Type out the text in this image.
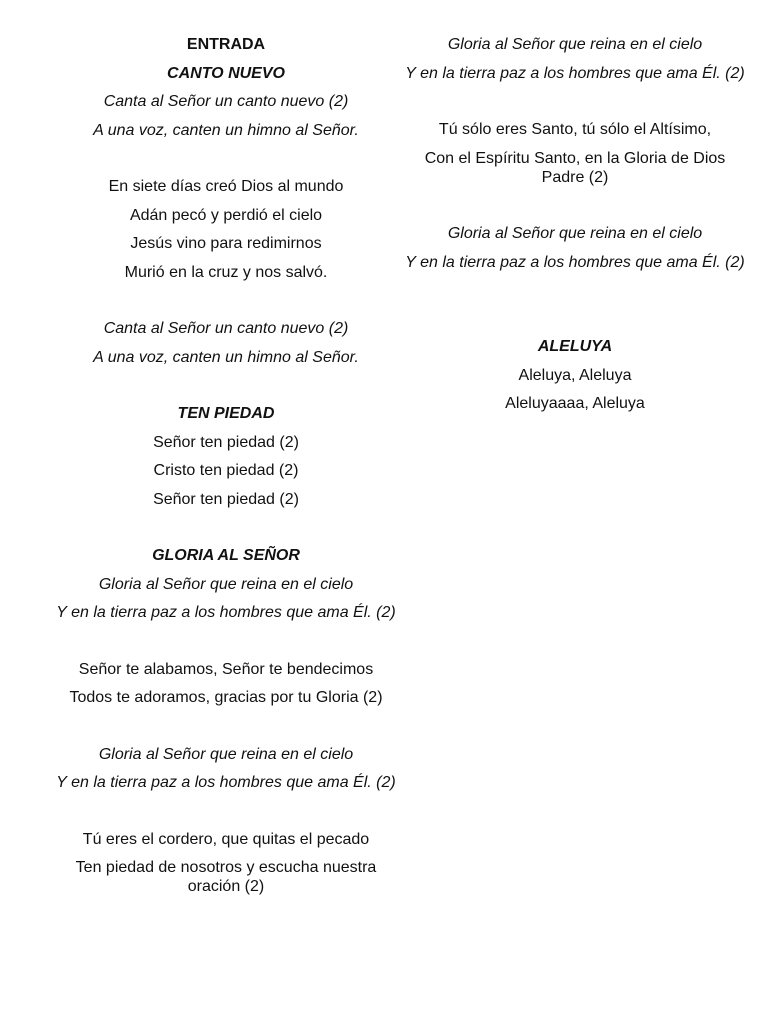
ENTRADA
CANTO NUEVO
Canta al Señor un canto nuevo (2)
A una voz, canten un himno al Señor.
En siete días creó Dios al mundo
Adán pecó y perdió el cielo
Jesús vino para redimirnos
Murió en la cruz y nos salvó.
Canta al Señor un canto nuevo (2)
A una voz, canten un himno al Señor.
TEN PIEDAD
Señor ten piedad (2)
Cristo ten piedad (2)
Señor ten piedad (2)
GLORIA AL SEÑOR
Gloria al Señor que reina en el cielo
Y en la tierra paz a los hombres que ama Él. (2)
Señor te alabamos, Señor te bendecimos
Todos te adoramos, gracias por tu Gloria (2)
Gloria al Señor que reina en el cielo
Y en la tierra paz a los hombres que ama Él. (2)
Tú eres el cordero, que quitas el pecado
Ten piedad de nosotros y escucha nuestra oración (2)
Gloria al Señor que reina en el cielo
Y en la tierra paz a los hombres que ama Él. (2)
Tú sólo eres Santo, tú sólo el Altísimo,
Con el Espíritu Santo, en la Gloria de Dios Padre (2)
Gloria al Señor que reina en el cielo
Y en la tierra paz a los hombres que ama Él. (2)
ALELUYA
Aleluya, Aleluya
Aleluyaaaa, Aleluya
